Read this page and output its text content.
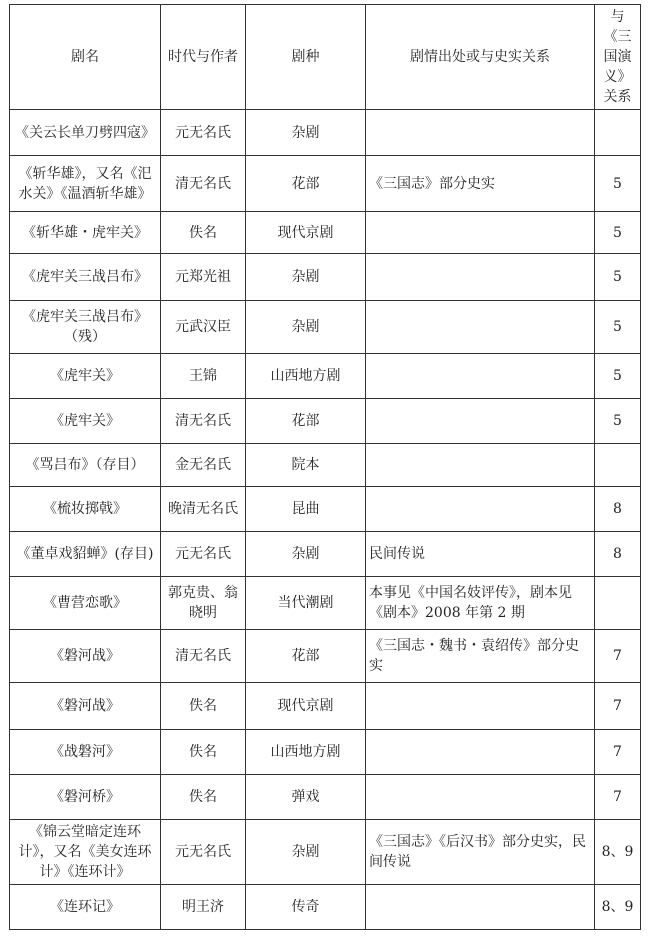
剧名	时代与作者	剧种	剧情出处或与史实关系	与《三国演义》关系
《关云长单刀劈四寇》	元无名氏	杂剧		
《斩华雄》，又名《汜水关》《温酒斩华雄》	清无名氏	花部	《三国志》部分史实	5
《斩华雄・虎牢关》	佚名	现代京剧		5
《虎牢关三战吕布》	元郑光祖	杂剧		5
《虎牢关三战吕布》（残）	元武汉臣	杂剧		5
《虎牢关》	王锦	山西地方剧		5
《虎牢关》	清无名氏	花部		5
《骂吕布》（存目）	金无名氏	院本		
《梳妆掷戟》	晚清无名氏	昆曲		8
《董卓戏貂蝉》(存目)	元无名氏	杂剧	民间传说	8
《曹营恋歌》	郭克贵、翁晓明	当代潮剧	本事见《中国名妓评传》，剧本见《剧本》2008 年第 2 期	
《磐河战》	清无名氏	花部	《三国志・魏书・袁绍传》部分史实	7
《磐河战》	佚名	现代京剧		7
《战磐河》	佚名	山西地方剧		7
《磐河桥》	佚名	弹戏		7
《锦云堂暗定连环计》，又名《美女连环计》《连环计》	元无名氏	杂剧	《三国志》《后汉书》部分史实，民间传说	8、9
《连环记》	明王济	传奇		8、9
